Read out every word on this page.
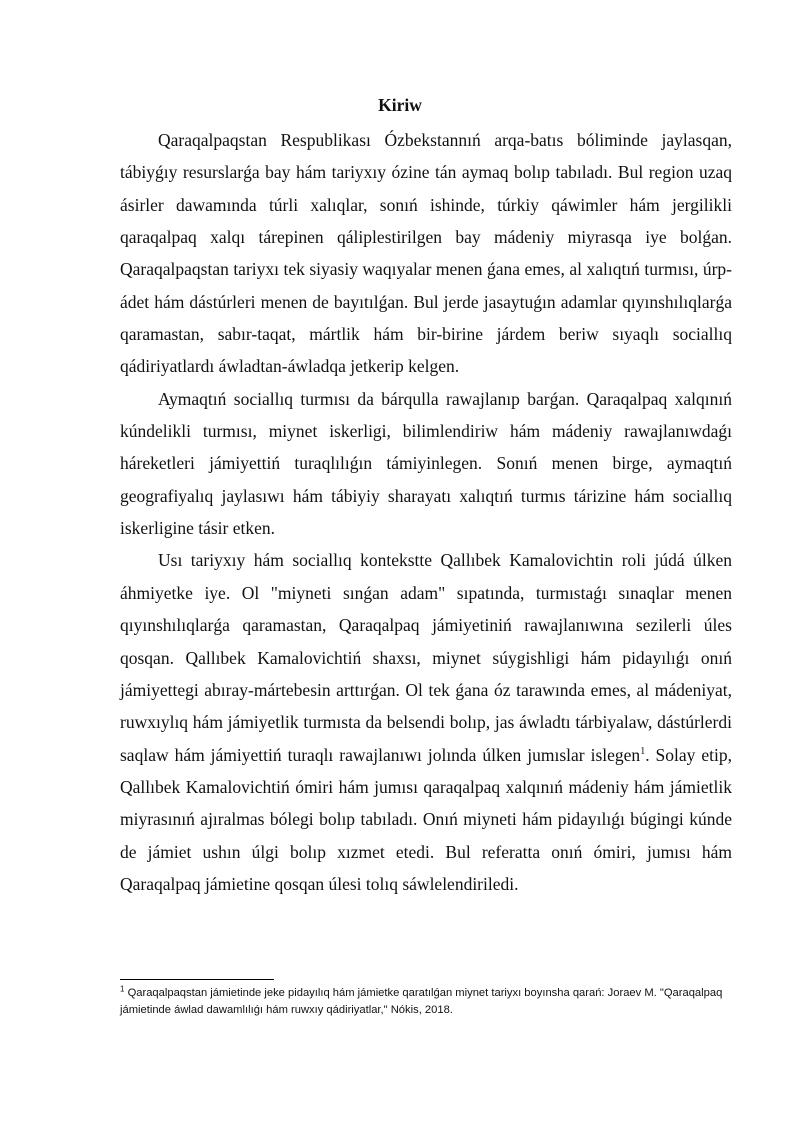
Kiriw

Qaraqalpaqstan Respublikası Ózbekstannıń arqa-batıs bóliminde jaylasqan, tábiyǵıy resurslarǵa bay hám tariyxıy ózine tán aymaq bolıp tabıladı. Bul region uzaq ásirler dawamında túrli xalıqlar, sonıń ishinde, túrkiy qáwimler hám jergilikli qaraqalpaq xalqı tárepinen qáliplestirilgen bay mádeniy miyrasqa iye bolǵan. Qaraqalpaqstan tariyxı tek siyasiy waqıyalar menen ǵana emes, al xalıqtıń turmısı, úrp-ádet hám dástúrleri menen de bayıtılǵan. Bul jerde jasaytuǵın adamlar qıyınshılıqlarǵa qaramastan, sabır-taqat, mártlik hám bir-birine járdem beriw sıyaqlı sociallıq qádiriyatlardı áwladtan-áwladqa jetkerip kelgen.

Aymaqtıń sociallıq turmısı da bárqulla rawajlanıp barǵan. Qaraqalpaq xalqınıń kúndelikli turmısı, miynet iskerligi, bilimlendiriw hám mádeniy rawajlanıwdaǵı háreketleri jámiyettiń turaqlılıǵın támiyinlegen. Sonıń menen birge, aymaqtıń geografiyalıq jaylasıwı hám tábiyiy sharayatı xalıqtıń turmıs tárizine hám sociallıq iskerligine tásir etken.

Usı tariyxıy hám sociallıq kontekstte Qallıbek Kamalovichtin roli júdá úlken áhmiyetke iye. Ol "miyneti sınǵan adam" sıpatında, turmıstaǵı sınaqlar menen qıyınshılıqlarǵa qaramastan, Qaraqalpaq jámiyetiniń rawajlanıwına sezilerli úles qosqan. Qallıbek Kamalovichtiń shaxsı, miynet súygishligi hám pidayılıǵı onıń jámiyettegi abıray-mártebesin arttırǵan. Ol tek ǵana óz tarawında emes, al mádeniyat, ruwxıylıq hám jámiyetlik turmısta da belsendi bolıp, jas áwladtı tárbiyalaw, dástúrlerdi saqlaw hám jámiyettiń turaqlı rawajlanıwı jolında úlken jumıslar islegen$^1$. Solay etip, Qallıbek Kamalovichtiń ómiri hám jumısı qaraqalpaq xalqınıń mádeniy hám jámietlik miyrasınıń ajıralmas bólegi bolıp tabıladı. Onıń miyneti hám pidayılıǵı búgingi kúnde de jámiet ushın úlgi bolıp xızmet etedi. Bul referatta onıń ómiri, jumısı hám Qaraqalpaq jámietine qosqan úlesi tolıq sáwlelendiriledi.

$^1$ Qaraqalpaqstan jámietinde jeke pidayılıq hám jámietke qaratılǵan miynet tariyxı boyınsha qarań: Joraev M. "Qaraqalpaq jámietinde áwlad dawamlılıǵı hám ruwxıy qádiriyatlar," Nókis, 2018.
